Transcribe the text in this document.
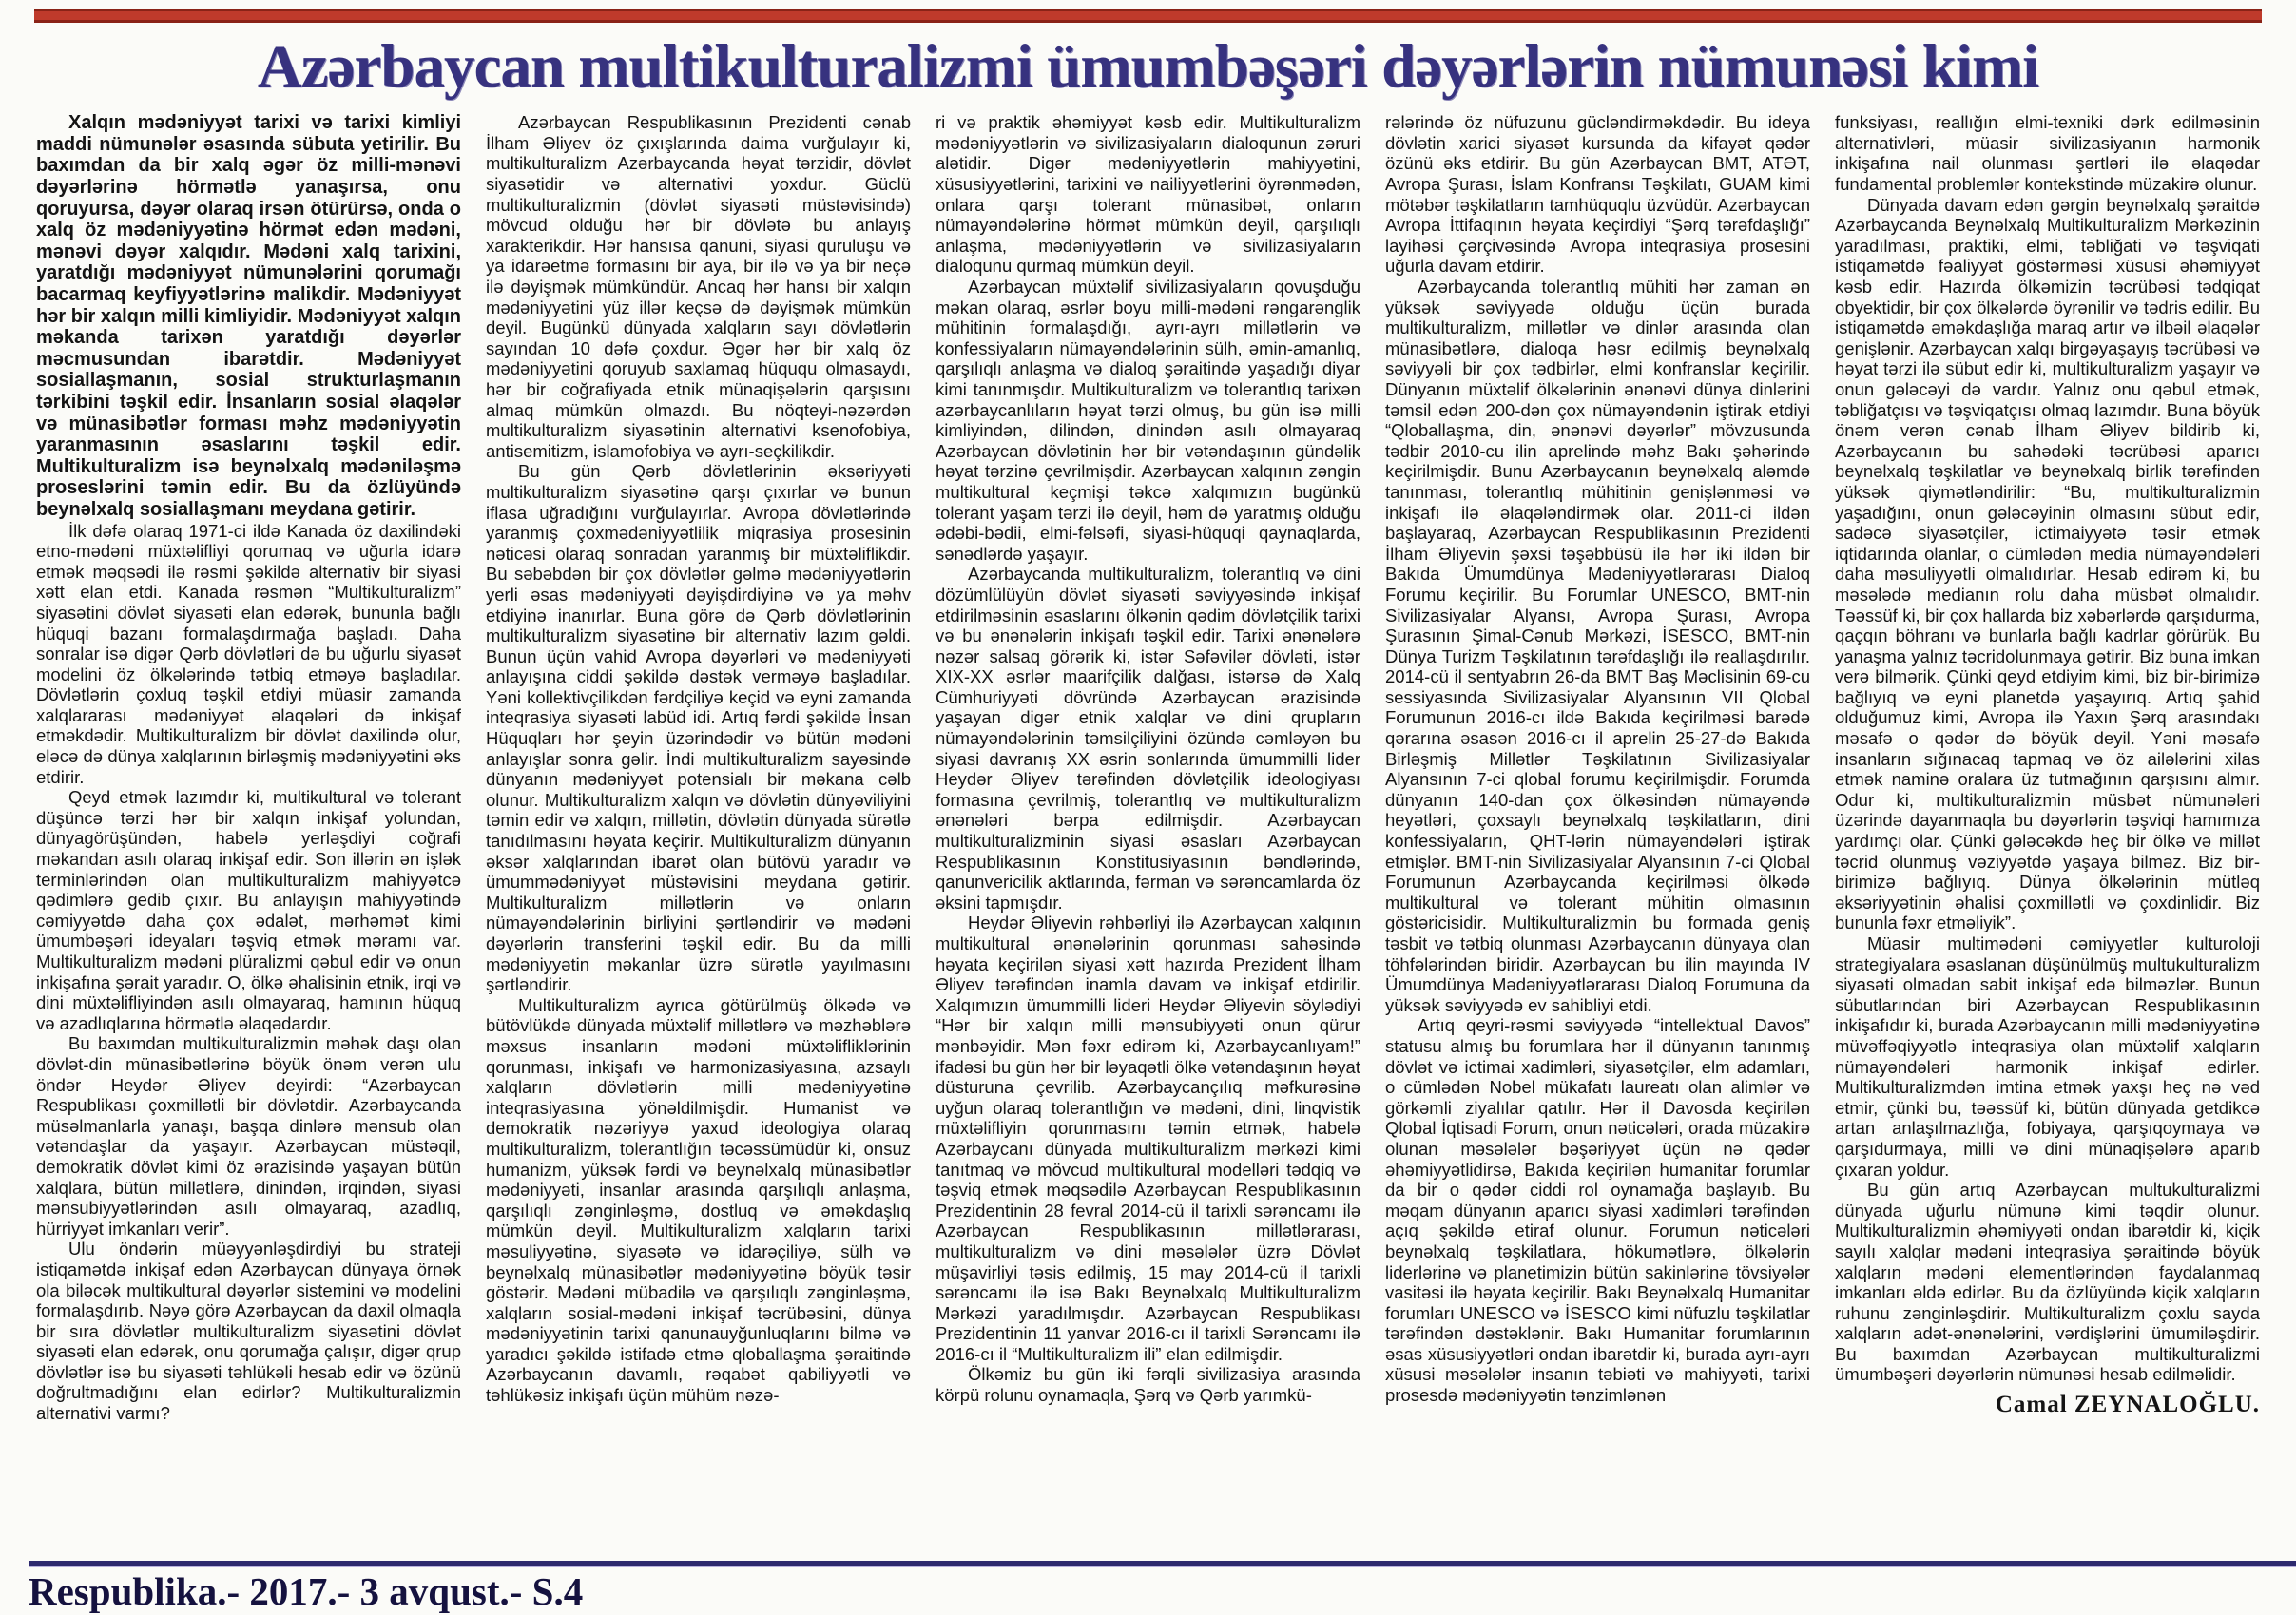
Azərbaycan multikulturalizmi ümumbəşəri dəyərlərin nümunəsi kimi

Xalqın mədəniyyət tarixi və tarixi kimliyi maddi nümunələr əsasında sübuta yetirilir. Bu baxımdan da bir xalq əgər öz milli-mənəvi dəyərlərinə hörmətlə yanaşırsa, onu qoruyursa, dəyər olaraq irsən ötürürsə, onda o xalq öz mədəniyyətinə hörmət edən mədəni, mənəvi dəyər xalqıdır. Mədəni xalq tarixini, yaratdığı mədəniyyət nümunələrini qorumağı bacarmaq keyfiyyətlərinə malikdir. Mədəniyyət hər bir xalqın milli kimliyidir. Mədəniyyət xalqın məkanda tarixən yaratdığı dəyərlər məcmusundan ibarətdir. Mədəniyyət sosiallaşmanın, sosial strukturlaşmanın tərkibini təşkil edir. İnsanların sosial əlaqələr və münasibətlər forması məhz mədəniyyətin yaranmasının əsaslarını təşkil edir. Multikulturalizm isə beynəlxalq mədəniləşmə proseslərini təmin edir. Bu da özlüyündə beynəlxalq sosiallaşmanı meydana gətirir.

İlk dəfə olaraq 1971-ci ildə Kanada öz daxilindəki etno-mədəni müxtəlifliyi qorumaq və uğurla idarə etmək məqsədi ilə rəsmi şəkildə alternativ bir siyasi xətt elan etdi. Kanada rəsmən “Multikulturalizm” siyasətini dövlət siyasəti elan edərək, bununla bağlı hüquqi bazanı formalaşdırmağa başladı. Daha sonralar isə digər Qərb dövlətləri də bu uğurlu siyasət modelini öz ölkələrində tətbiq etməyə başladılar. Dövlətlərin çoxluq təşkil etdiyi müasir zamanda xalqlararası mədəniyyət əlaqələri də inkişaf etməkdədir. Multikulturalizm bir dövlət daxilində olur, eləcə də dünya xalqlarının birləşmiş mədəniyyətini əks etdirir.

Qeyd etmək lazımdır ki, multikultural və tolerant düşüncə tərzi hər bir xalqın inkişaf yolundan, dünyagörüşündən, habelə yerləşdiyi coğrafi məkandan asılı olaraq inkişaf edir. Son illərin ən işlək terminlərindən olan multikulturalizm mahiyyətcə qədimlərə gedib çıxır. Bu anlayışın mahiyyətində cəmiyyətdə daha çox ədalət, mərhəmət kimi ümumbəşəri ideyaları təşviq etmək məramı var. Multikulturalizm mədəni plüralizmi qəbul edir və onun inkişafına şərait yaradır. O, ölkə əhalisinin etnik, irqi və dini müxtəlifliyindən asılı olmayaraq, hamının hüquq və azadlıqlarına hörmətlə əlaqədardır.

Bu baxımdan multikulturalizmin məhək daşı olan dövlət-din münasibətlərinə böyük önəm verən ulu öndər Heydər Əliyev deyirdi: “Azərbaycan Respublikası çoxmillətli bir dövlətdir. Azərbaycanda müsəlmanlarla yanaşı, başqa dinlərə mənsub olan vətəndaşlar da yaşayır. Azərbaycan müstəqil, demokratik dövlət kimi öz ərazisində yaşayan bütün xalqlara, bütün millətlərə, dinindən, irqindən, siyasi mənsubiyyətlərindən asılı olmayaraq, azadlıq, hürriyyət imkanları verir”.

Ulu öndərin müəyyənləşdirdiyi bu strateji istiqamətdə inkişaf edən Azərbaycan dünyaya örnək ola biləcək multikultural dəyərlər sistemini və modelini formalaşdırıb. Nəyə görə Azərbaycan da daxil olmaqla bir sıra dövlətlər multikulturalizm siyasətini dövlət siyasəti elan edərək, onu qorumağa çalışır, digər qrup dövlətlər isə bu siyasəti təhlükəli hesab edir və özünü doğrultmadığını elan edirlər? Multikulturalizmin alternativi varmı?

Azərbaycan Respublikasının Prezidenti cənab İlham Əliyev öz çıxışlarında daima vurğulayır ki, multikulturalizm Azərbaycanda həyat tərzidir, dövlət siyasətidir və alternativi yoxdur. Güclü multikulturalizmin (dövlət siyasəti müstəvisində) mövcud olduğu hər bir dövlətə bu anlayış xarakterikdir. Hər hansısa qanuni, siyasi quruluşu və ya idarəetmə formasını bir aya, bir ilə və ya bir neçə ilə dəyişmək mümkündür. Ancaq hər hansı bir xalqın mədəniyyətini yüz illər keçsə də dəyişmək mümkün deyil. Bugünkü dünyada xalqların sayı dövlətlərin sayından 10 dəfə çoxdur. Əgər hər bir xalq öz mədəniyyətini qoruyub saxlamaq hüququ olmasaydı, hər bir coğrafiyada etnik münaqişələrin qarşısını almaq mümkün olmazdı. Bu nöqteyi-nəzərdən multikulturalizm siyasətinin alternativi ksenofobiya, antisemitizm, islamofobiya və ayrı-seçkilikdir.

Bu gün Qərb dövlətlərinin əksəriyyəti multikulturalizm siyasətinə qarşı çıxırlar və bunun iflasa uğradığını vurğulayırlar. Avropa dövlətlərində yaranmış çoxmədəniyyətlilik miqrasiya prosesinin nəticəsi olaraq sonradan yaranmış bir müxtəliflikdir. Bu səbəbdən bir çox dövlətlər gəlmə mədəniyyətlərin yerli əsas mədəniyyəti dəyişdirdiyinə və ya məhv etdiyinə inanırlar. Buna görə də Qərb dövlətlərinin multikulturalizm siyasətinə bir alternativ lazım gəldi. Bunun üçün vahid Avropa dəyərləri və mədəniyyəti anlayışına ciddi şəkildə dəstək verməyə başladılar. Yəni kollektivçilikdən fərdçiliyə keçid və eyni zamanda inteqrasiya siyasəti labüd idi. Artıq fərdi şəkildə İnsan Hüquqları hər şeyin üzərindədir və bütün mədəni anlayışlar sonra gəlir. İndi multikulturalizm sayəsində dünyanın mədəniyyət potensialı bir məkana cəlb olunur. Multikulturalizm xalqın və dövlətin dünyəviliyini təmin edir və xalqın, millətin, dövlətin dünyada sürətlə tanıdılmasını həyata keçirir. Multikulturalizm dünyanın əksər xalqlarından ibarət olan bütövü yaradır və ümummədəniyyət müstəvisini meydana gətirir. Multikulturalizm millətlərin və onların nümayəndələrinin birliyini şərtləndirir və mədəni dəyərlərin transferini təşkil edir. Bu da milli mədəniyyətin məkanlar üzrə sürətlə yayılmasını şərtləndirir.

Multikulturalizm ayrıca götürülmüş ölkədə və bütövlükdə dünyada müxtəlif millətlərə və məzhəblərə məxsus insanların mədəni müxtəlifliklərinin qorunması, inkişafı və harmonizasiyasına, azsaylı xalqların dövlətlərin milli mədəniyyətinə inteqrasiyasına yönəldilmişdir. Humanist və demokratik nəzəriyyə yaxud ideologiya olaraq multikulturalizm, tolerantlığın təcəssümüdür ki, onsuz humanizm, yüksək fərdi və beynəlxalq münasibətlər mədəniyyəti, insanlar arasında qarşılıqlı anlaşma, qarşılıqlı zənginləşmə, dostluq və əməkdaşlıq mümkün deyil. Multikulturalizm xalqların tarixi məsuliyyətinə, siyasətə və idarəçiliyə, sülh və beynəlxalq münasibətlər mədəniyyətinə böyük təsir göstərir. Mədəni mübadilə və qarşılıqlı zənginləşmə, xalqların sosial-mədəni inkişaf təcrübəsini, dünya mədəniyyətinin tarixi qanunauyğunluqlarını bilmə və yaradıcı şəkildə istifadə etmə qloballaşma şəraitində Azərbaycanın davamlı, rəqabət qabiliyyətli və təhlükəsiz inkişafı üçün mühüm nəzə-

ri və praktik əhəmiyyət kəsb edir. Multikulturalizm mədəniyyətlərin və sivilizasiyaların dialoqunun zəruri alətidir. Digər mədəniyyətlərin mahiyyətini, xüsusiyyətlərini, tarixini və nailiyyətlərini öyrənmədən, onlara qarşı tolerant münasibət, onların nümayəndələrinə hörmət mümkün deyil, qarşılıqlı anlaşma, mədəniyyətlərin və sivilizasiyaların dialoqunu qurmaq mümkün deyil.

Azərbaycan müxtəlif sivilizasiyaların qovuşduğu məkan olaraq, əsrlər boyu milli-mədəni rəngarənglik mühitinin formalaşdığı, ayrı-ayrı millətlərin və konfessiyaların nümayəndələrinin sülh, əmin-amanlıq, qarşılıqlı anlaşma və dialoq şəraitində yaşadığı diyar kimi tanınmışdır. Multikulturalizm və tolerantlıq tarixən azərbaycanlıların həyat tərzi olmuş, bu gün isə milli kimliyindən, dilindən, dinindən asılı olmayaraq Azərbaycan dövlətinin hər bir vətəndaşının gündəlik həyat tərzinə çevrilmişdir. Azərbaycan xalqının zəngin multikultural keçmişi təkcə xalqımızın bugünkü tolerant yaşam tərzi ilə deyil, həm də yaratmış olduğu ədəbi-bədii, elmi-fəlsəfi, siyasi-hüquqi qaynaqlarda, sənədlərdə yaşayır.

Azərbaycanda multikulturalizm, tolerantlıq və dini dözümlülüyün dövlət siyasəti səviyyəsində inkişaf etdirilməsinin əsaslarını ölkənin qədim dövlətçilik tarixi və bu ənənələrin inkişafı təşkil edir. Tarixi ənənələrə nəzər salsaq görərik ki, istər Səfəvilər dövləti, istər XIX-XX əsrlər maarifçilik dalğası, istərsə də Xalq Cümhuriyyəti dövründə Azərbaycan ərazisində yaşayan digər etnik xalqlar və dini qrupların nümayəndələrinin təmsilçiliyini özündə cəmləyən bu siyasi davranış XX əsrin sonlarında ümummilli lider Heydər Əliyev tərəfindən dövlətçilik ideologiyası formasına çevrilmiş, tolerantlıq və multikulturalizm ənənələri bərpa edilmişdir. Azərbaycan multikulturalizminin siyasi əsasları Azərbaycan Respublikasının Konstitusiyasının bəndlərində, qanunvericilik aktlarında, fərman və sərəncamlarda öz əksini tapmışdır.

Heydər Əliyevin rəhbərliyi ilə Azərbaycan xalqının multikultural ənənələrinin qorunması sahəsində həyata keçirilən siyasi xətt hazırda Prezident İlham Əliyev tərəfindən inamla davam və inkişaf etdirilir. Xalqımızın ümummilli lideri Heydər Əliyevin söylədiyi “Hər bir xalqın milli mənsubiyyəti onun qürur mənbəyidir. Mən fəxr edirəm ki, Azərbaycanlıyam!” ifadəsi bu gün hər bir ləyaqətli ölkə vətəndaşının həyat düsturuna çevrilib. Azərbaycançılıq məfkurəsinə uyğun olaraq tolerantlığın və mədəni, dini, linqvistik müxtəlifliyin qorunmasını təmin etmək, habelə Azərbaycanı dünyada multikulturalizm mərkəzi kimi tanıtmaq və mövcud multikultural modelləri tədqiq və təşviq etmək məqsədilə Azərbaycan Respublikasının Prezidentinin 28 fevral 2014-cü il tarixli sərəncamı ilə Azərbaycan Respublikasının millətlərarası, multikulturalizm və dini məsələlər üzrə Dövlət müşavirliyi təsis edilmiş, 15 may 2014-cü il tarixli sərəncamı ilə isə Bakı Beynəlxalq Multikulturalizm Mərkəzi yaradılmışdır. Azərbaycan Respublikası Prezidentinin 11 yanvar 2016-cı il tarixli Sərəncamı ilə 2016-cı il “Multikulturalizm ili” elan edilmişdir.

Ölkəmiz bu gün iki fərqli sivilizasiya arasında körpü rolunu oynamaqla, Şərq və Qərb yarımkü-

rələrində öz nüfuzunu gücləndirməkdədir. Bu ideya dövlətin xarici siyasət kursunda da kifayət qədər özünü əks etdirir. Bu gün Azərbaycan BMT, ATƏT, Avropa Şurası, İslam Konfransı Təşkilatı, GUAM kimi mötəbər təşkilatların tamhüquqlu üzvüdür. Azərbaycan Avropa İttifaqının həyata keçirdiyi “Şərq tərəfdaşlığı” layihəsi çərçivəsində Avropa inteqrasiya prosesini uğurla davam etdirir.

Azərbaycanda tolerantlıq mühiti hər zaman ən yüksək səviyyədə olduğu üçün burada multikulturalizm, millətlər və dinlər arasında olan münasibətlərə, dialoqa həsr edilmiş beynəlxalq səviyyəli bir çox tədbirlər, elmi konfranslar keçirilir. Dünyanın müxtəlif ölkələrinin ənənəvi dünya dinlərini təmsil edən 200-dən çox nümayəndənin iştirak etdiyi “Qloballaşma, din, ənənəvi dəyərlər” mövzusunda tədbir 2010-cu ilin aprelində məhz Bakı şəhərində keçirilmişdir. Bunu Azərbaycanın beynəlxalq aləmdə tanınması, tolerantlıq mühitinin genişlənməsi və inkişafı ilə əlaqələndirmək olar. 2011-ci ildən başlayaraq, Azərbaycan Respublikasının Prezidenti İlham Əliyevin şəxsi təşəbbüsü ilə hər iki ildən bir Bakıda Ümumdünya Mədəniyyətlərarası Dialoq Forumu keçirilir. Bu Forumlar UNESCO, BMT-nin Sivilizasiyalar Alyansı, Avropa Şurası, Avropa Şurasının Şimal-Cənub Mərkəzi, İSESCO, BMT-nin Dünya Turizm Təşkilatının tərəfdaşlığı ilə reallaşdırılır. 2014-cü il sentyabrın 26-da BMT Baş Məclisinin 69-cu sessiyasında Sivilizasiyalar Alyansının VII Qlobal Forumunun 2016-cı ildə Bakıda keçirilməsi barədə qərarına əsasən 2016-cı il aprelin 25-27-də Bakıda Birləşmiş Millətlər Təşkilatının Sivilizasiyalar Alyansının 7-ci qlobal forumu keçirilmişdir. Forumda dünyanın 140-dan çox ölkəsindən nümayəndə heyətləri, çoxsaylı beynəlxalq təşkilatların, dini konfessiyaların, QHT-lərin nümayəndələri iştirak etmişlər. BMT-nin Sivilizasiyalar Alyansının 7-ci Qlobal Forumunun Azərbaycanda keçirilməsi ölkədə multikultural və tolerant mühitin olmasının göstəricisidir. Multikulturalizmin bu formada geniş təsbit və tətbiq olunması Azərbaycanın dünyaya olan töhfələrindən biridir. Azərbaycan bu ilin mayında IV Ümumdünya Mədəniyyətlərarası Dialoq Forumuna da yüksək səviyyədə ev sahibliyi etdi.

Artıq qeyri-rəsmi səviyyədə “intellektual Davos” statusu almış bu forumlara hər il dünyanın tanınmış dövlət və ictimai xadimləri, siyasətçilər, elm adamları, o cümlədən Nobel mükafatı laureatı olan alimlər və görkəmli ziyalılar qatılır. Hər il Davosda keçirilən Qlobal İqtisadi Forum, onun nəticələri, orada müzakirə olunan məsələlər bəşəriyyət üçün nə qədər əhəmiyyətlidirsə, Bakıda keçirilən humanitar forumlar da bir o qədər ciddi rol oynamağa başlayıb. Bu məqam dünyanın aparıcı siyasi xadimləri tərəfindən açıq şəkildə etiraf olunur. Forumun nəticələri beynəlxalq təşkilatlara, hökumətlərə, ölkələrin liderlərinə və planetimizin bütün sakinlərinə tövsiyələr vasitəsi ilə həyata keçirilir. Bakı Beynəlxalq Humanitar forumları UNESCO və İSESCO kimi nüfuzlu təşkilatlar tərəfindən dəstəklənir. Bakı Humanitar forumlarının əsas xüsusiyyətləri ondan ibarətdir ki, burada ayrı-ayrı xüsusi məsələlər insanın təbiəti və mahiyyəti, tarixi prosesdə mədəniyyətin tənzimlənən

funksiyası, reallığın elmi-texniki dərk edilməsinin alternativləri, müasir sivilizasiyanın harmonik inkişafına nail olunması şərtləri ilə əlaqədar fundamental problemlər kontekstində müzakirə olunur.

Dünyada davam edən gərgin beynəlxalq şəraitdə Azərbaycanda Beynəlxalq Multikulturalizm Mərkəzinin yaradılması, praktiki, elmi, təbliğati və təşviqati istiqamətdə fəaliyyət göstərməsi xüsusi əhəmiyyət kəsb edir. Hazırda ölkəmizin təcrübəsi tədqiqat obyektidir, bir çox ölkələrdə öyrənilir və tədris edilir. Bu istiqamətdə əməkdaşlığa maraq artır və ilbəil əlaqələr genişlənir. Azərbaycan xalqı birgəyaşayış təcrübəsi və həyat tərzi ilə sübut edir ki, multikulturalizm yaşayır və onun gələcəyi də vardır. Yalnız onu qəbul etmək, təbliğatçısı və təşviqatçısı olmaq lazımdır. Buna böyük önəm verən cənab İlham Əliyev bildirib ki, Azərbaycanın bu sahədəki təcrübəsi aparıcı beynəlxalq təşkilatlar və beynəlxalq birlik tərəfindən yüksək qiymətləndirilir: “Bu, multikulturalizmin yaşadığını, onun gələcəyinin olmasını sübut edir, sadəcə siyasətçilər, ictimaiyyətə təsir etmək iqtidarında olanlar, o cümlədən media nümayəndələri daha məsuliyyətli olmalıdırlar. Hesab edirəm ki, bu məsələdə medianın rolu daha müsbət olmalıdır. Təəssüf ki, bir çox hallarda biz xəbərlərdə qarşıdurma, qaçqın böhranı və bunlarla bağlı kadrlar görürük. Bu yanaşma yalnız təcridolunmaya gətirir. Biz buna imkan verə bilmərik. Çünki qeyd etdiyim kimi, biz bir-birimizə bağlıyıq və eyni planetdə yaşayırıq. Artıq şahid olduğumuz kimi, Avropa ilə Yaxın Şərq arasındakı məsafə o qədər də böyük deyil. Yəni məsafə insanların sığınacaq tapmaq və öz ailələrini xilas etmək naminə oralara üz tutmağının qarşısını almır. Odur ki, multikulturalizmin müsbət nümunələri üzərində dayanmaqla bu dəyərlərin təşviqi hamımıza yardımçı olar. Çünki gələcəkdə heç bir ölkə və millət təcrid olunmuş vəziyyətdə yaşaya bilməz. Biz bir-birimizə bağlıyıq. Dünya ölkələrinin mütləq əksəriyyətinin əhalisi çoxmillətli və çoxdinlidir. Biz bununla fəxr etməliyik”.

Müasir multimədəni cəmiyyətlər kulturoloji strategiyalara əsaslanan düşünülmüş multukulturalizm siyasəti olmadan sabit inkişaf edə bilməzlər. Bunun sübutlarından biri Azərbaycan Respublikasının inkişafıdır ki, burada Azərbaycanın milli mədəniyyətinə müvəffəqiyyətlə inteqrasiya olan müxtəlif xalqların nümayəndələri harmonik inkişaf edirlər. Multikulturalizmdən imtina etmək yaxşı heç nə vəd etmir, çünki bu, təəssüf ki, bütün dünyada getdikcə artan anlaşılmazlığa, fobiyaya, qarşıqoymaya və qarşıdurmaya, milli və dini münaqişələrə aparıb çıxaran yoldur.

Bu gün artıq Azərbaycan multukulturalizmi dünyada uğurlu nümunə kimi təqdir olunur. Multikulturalizmin əhəmiyyəti ondan ibarətdir ki, kiçik sayılı xalqlar mədəni inteqrasiya şəraitində böyük xalqların mədəni elementlərindən faydalanmaq imkanları əldə edirlər. Bu da özlüyündə kiçik xalqların ruhunu zənginləşdirir. Multikulturalizm çoxlu sayda xalqların adət-ənənələrini, vərdişlərini ümumiləşdirir. Bu baxımdan Azərbaycan multikulturalizmi ümumbəşəri dəyərlərin nümunəsi hesab edilməlidir.

Camal ZEYNALOĞLU.

Respublika.- 2017.- 3 avqust.- S.4
